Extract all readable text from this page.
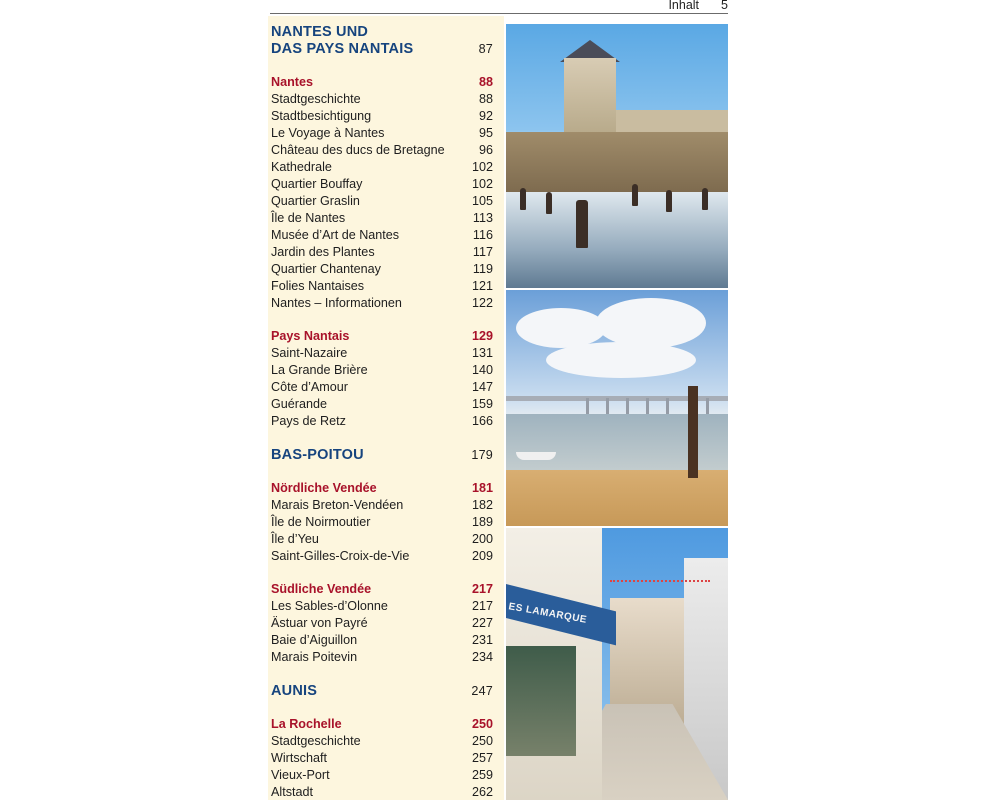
Inhalt 5
NANTES UND
DAS PAYS NANTAIS	87
Nantes	88
Stadtgeschichte	88
Stadtbesichtigung	92
Le Voyage à Nantes	95
Château des ducs de Bretagne	96
Kathedrale	102
Quartier Bouffay	102
Quartier Graslin	105
Île de Nantes	113
Musée d’Art de Nantes	116
Jardin des Plantes	117
Quartier Chantenay	119
Folies Nantaises	121
Nantes – Informationen	122
Pays Nantais	129
Saint-Nazaire	131
La Grande Brière	140
Côte d’Amour	147
Guérande	159
Pays de Retz	166
BAS-POITOU	179
Nördliche Vendée	181
Marais Breton-Vendéen	182
Île de Noirmoutier	189
Île d’Yeu	200
Saint-Gilles-Croix-de-Vie	209
Südliche Vendée	217
Les Sables-d’Olonne	217
Ästuar von Payré	227
Baie d’Aiguillon	231
Marais Poitevin	234
AUNIS	247
La Rochelle	250
Stadtgeschichte	250
Wirtschaft	257
Vieux-Port	259
Altstadt	262
ES LAMARQUE
